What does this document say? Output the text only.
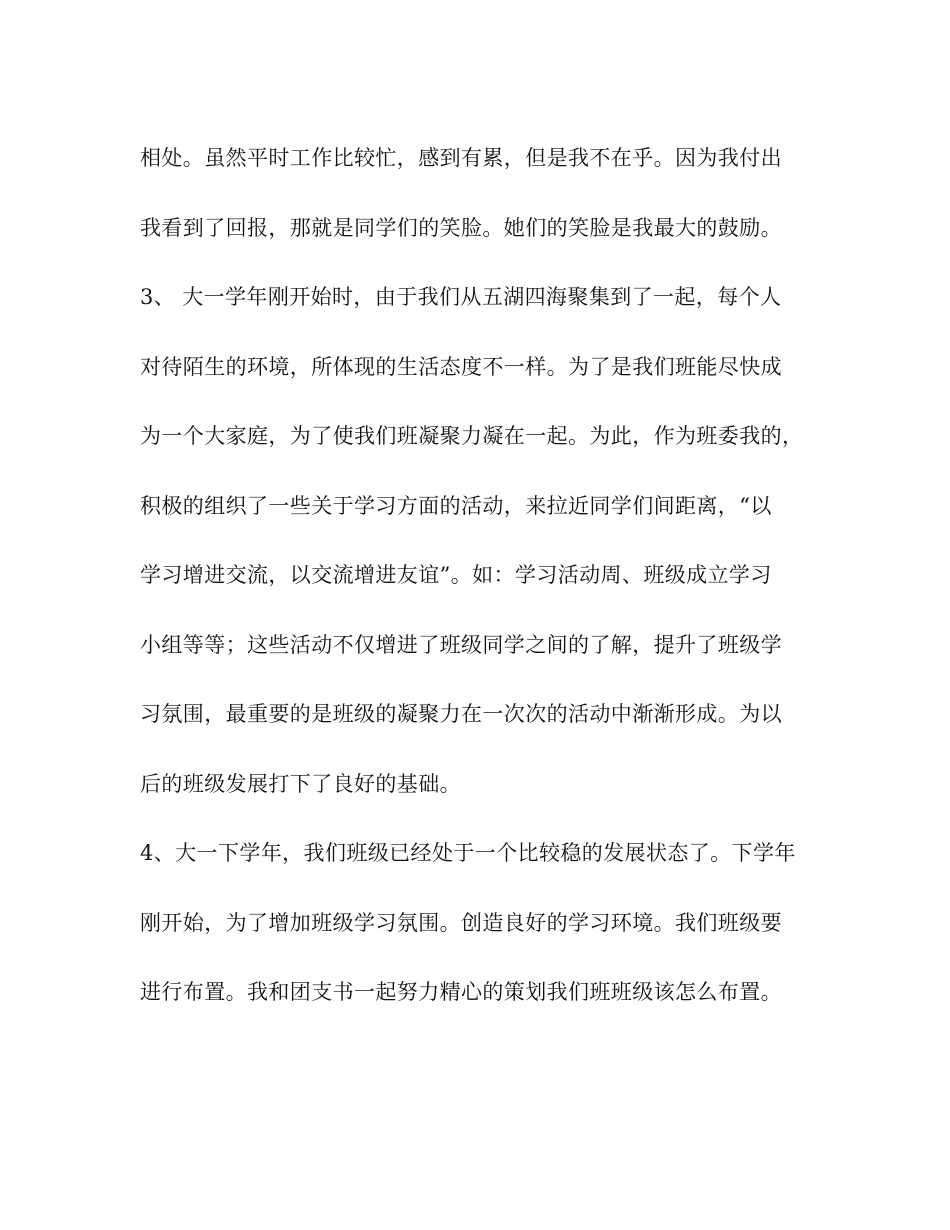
相处。虽然平时工作比较忙，感到有累，但是我不在乎。因为我付出
我看到了回报，那就是同学们的笑脸。她们的笑脸是我最大的鼓励。
3、 大一学年刚开始时，由于我们从五湖四海聚集到了一起，每个人
对待陌生的环境，所体现的生活态度不一样。为了是我们班能尽快成
为一个大家庭，为了使我们班凝聚力凝在一起。为此，作为班委我的，
积极的组织了一些关于学习方面的活动，来拉近同学们间距离，“以
学习增进交流，以交流增进友谊”。如：学习活动周、班级成立学习
小组等等；这些活动不仅增进了班级同学之间的了解，提升了班级学
习氛围，最重要的是班级的凝聚力在一次次的活动中渐渐形成。为以
后的班级发展打下了良好的基础。
4、大一下学年，我们班级已经处于一个比较稳的发展状态了。下学年
刚开始，为了增加班级学习氛围。创造良好的学习环境。我们班级要
进行布置。我和团支书一起努力精心的策划我们班班级该怎么布置。
